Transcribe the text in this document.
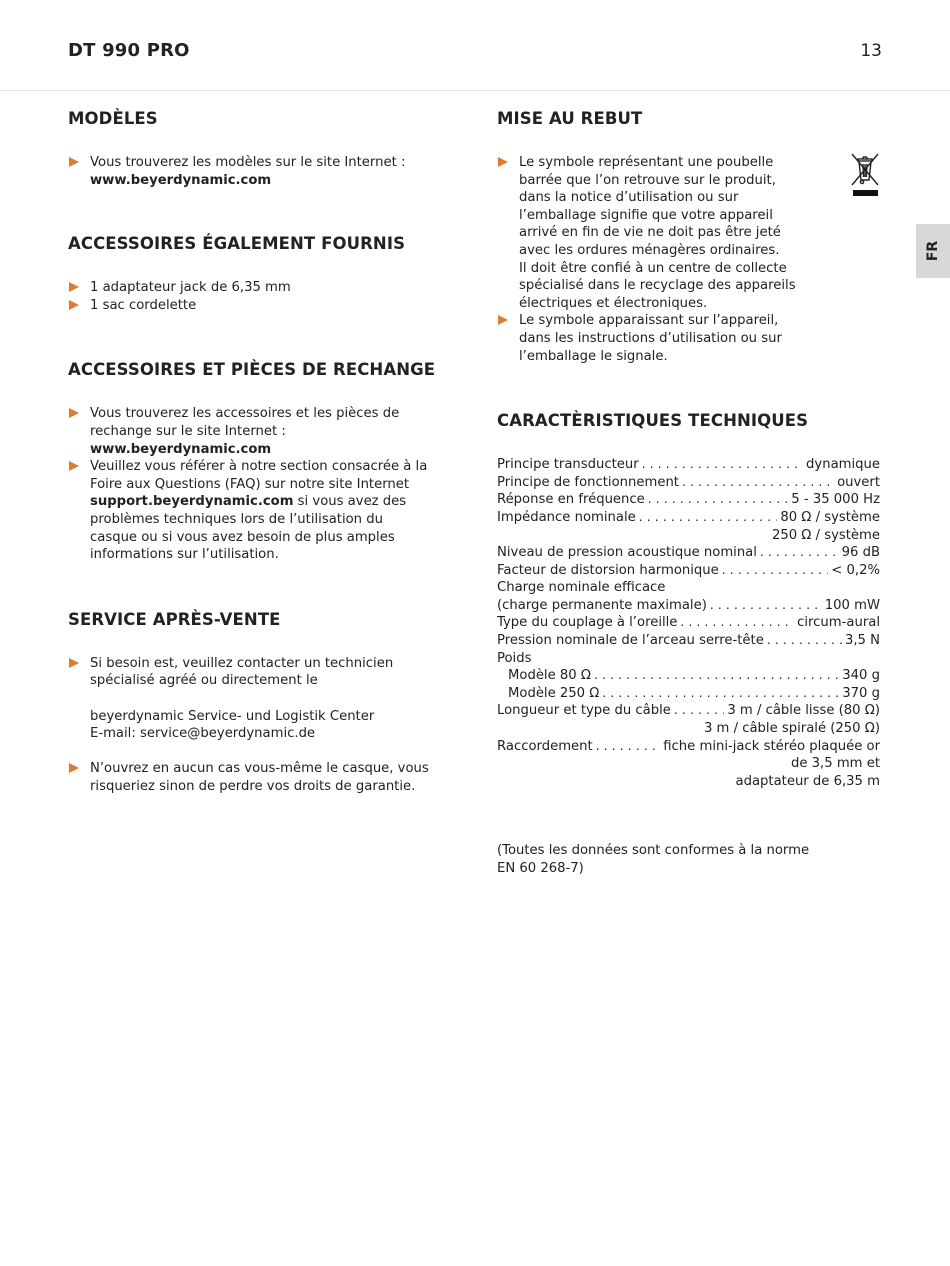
DT 990 PRO	13
FR
MODÈLES
Vous trouverez les modèles sur le site Internet :
www.beyerdynamic.com
ACCESSOIRES ÉGALEMENT FOURNIS
1 adaptateur jack de 6,35 mm
1 sac cordelette
ACCESSOIRES ET PIÈCES DE RECHANGE
Vous trouverez les accessoires et les pièces de
rechange sur le site Internet :
www.beyerdynamic.com
Veuillez vous référer à notre section consacrée à la
Foire aux Questions (FAQ) sur notre site Internet
support.beyerdynamic.com si vous avez des
problèmes techniques lors de l’utilisation du
casque ou si vous avez besoin de plus amples
informations sur l’utilisation.
SERVICE APRÈS-VENTE
Si besoin est, veuillez contacter un technicien
spécialisé agréé ou directement le
beyerdynamic Service- und Logistik Center
E-mail: service@beyerdynamic.de
N’ouvrez en aucun cas vous-même le casque, vous
risqueriez sinon de perdre vos droits de garantie.
MISE AU REBUT
Le symbole représentant une poubelle
barrée que l’on retrouve sur le produit,
dans la notice d’utilisation ou sur
l’emballage signifie que votre appareil
arrivé en fin de vie ne doit pas être jeté
avec les ordures ménagères ordinaires.
Il doit être confié à un centre de collecte
spécialisé dans le recyclage des appareils
électriques et électroniques.
Le symbole apparaissant sur l’appareil,
dans les instructions d’utilisation ou sur
l’emballage le signale.
CARACTÈRISTIQUES TECHNIQUES
Principe transducteur . . .	dynamique
Principe de fonctionnement . . .	ouvert
Réponse en fréquence . . .	5 - 35 000 Hz
Impédance nominale . . .	80 Ω / système
250 Ω / système
Niveau de pression acoustique nominal . . .	96 dB
Facteur de distorsion harmonique . . .	< 0,2%
Charge nominale efficace
(charge permanente maximale) . . .	100 mW
Type du couplage à l’oreille . . .	circum-aural
Pression nominale de l’arceau serre-tête . . .	3,5 N
Poids
Modèle 80 Ω . . .	340 g
Modèle 250 Ω . . .	370 g
Longueur et type du câble . . .	3 m / câble lisse (80 Ω)
3 m / câble spiralé (250 Ω)
Raccordement . . .	fiche mini-jack stéréo plaquée or
de 3,5 mm et
adaptateur de 6,35 m
(Toutes les données sont conformes à la norme
EN 60 268-7)
